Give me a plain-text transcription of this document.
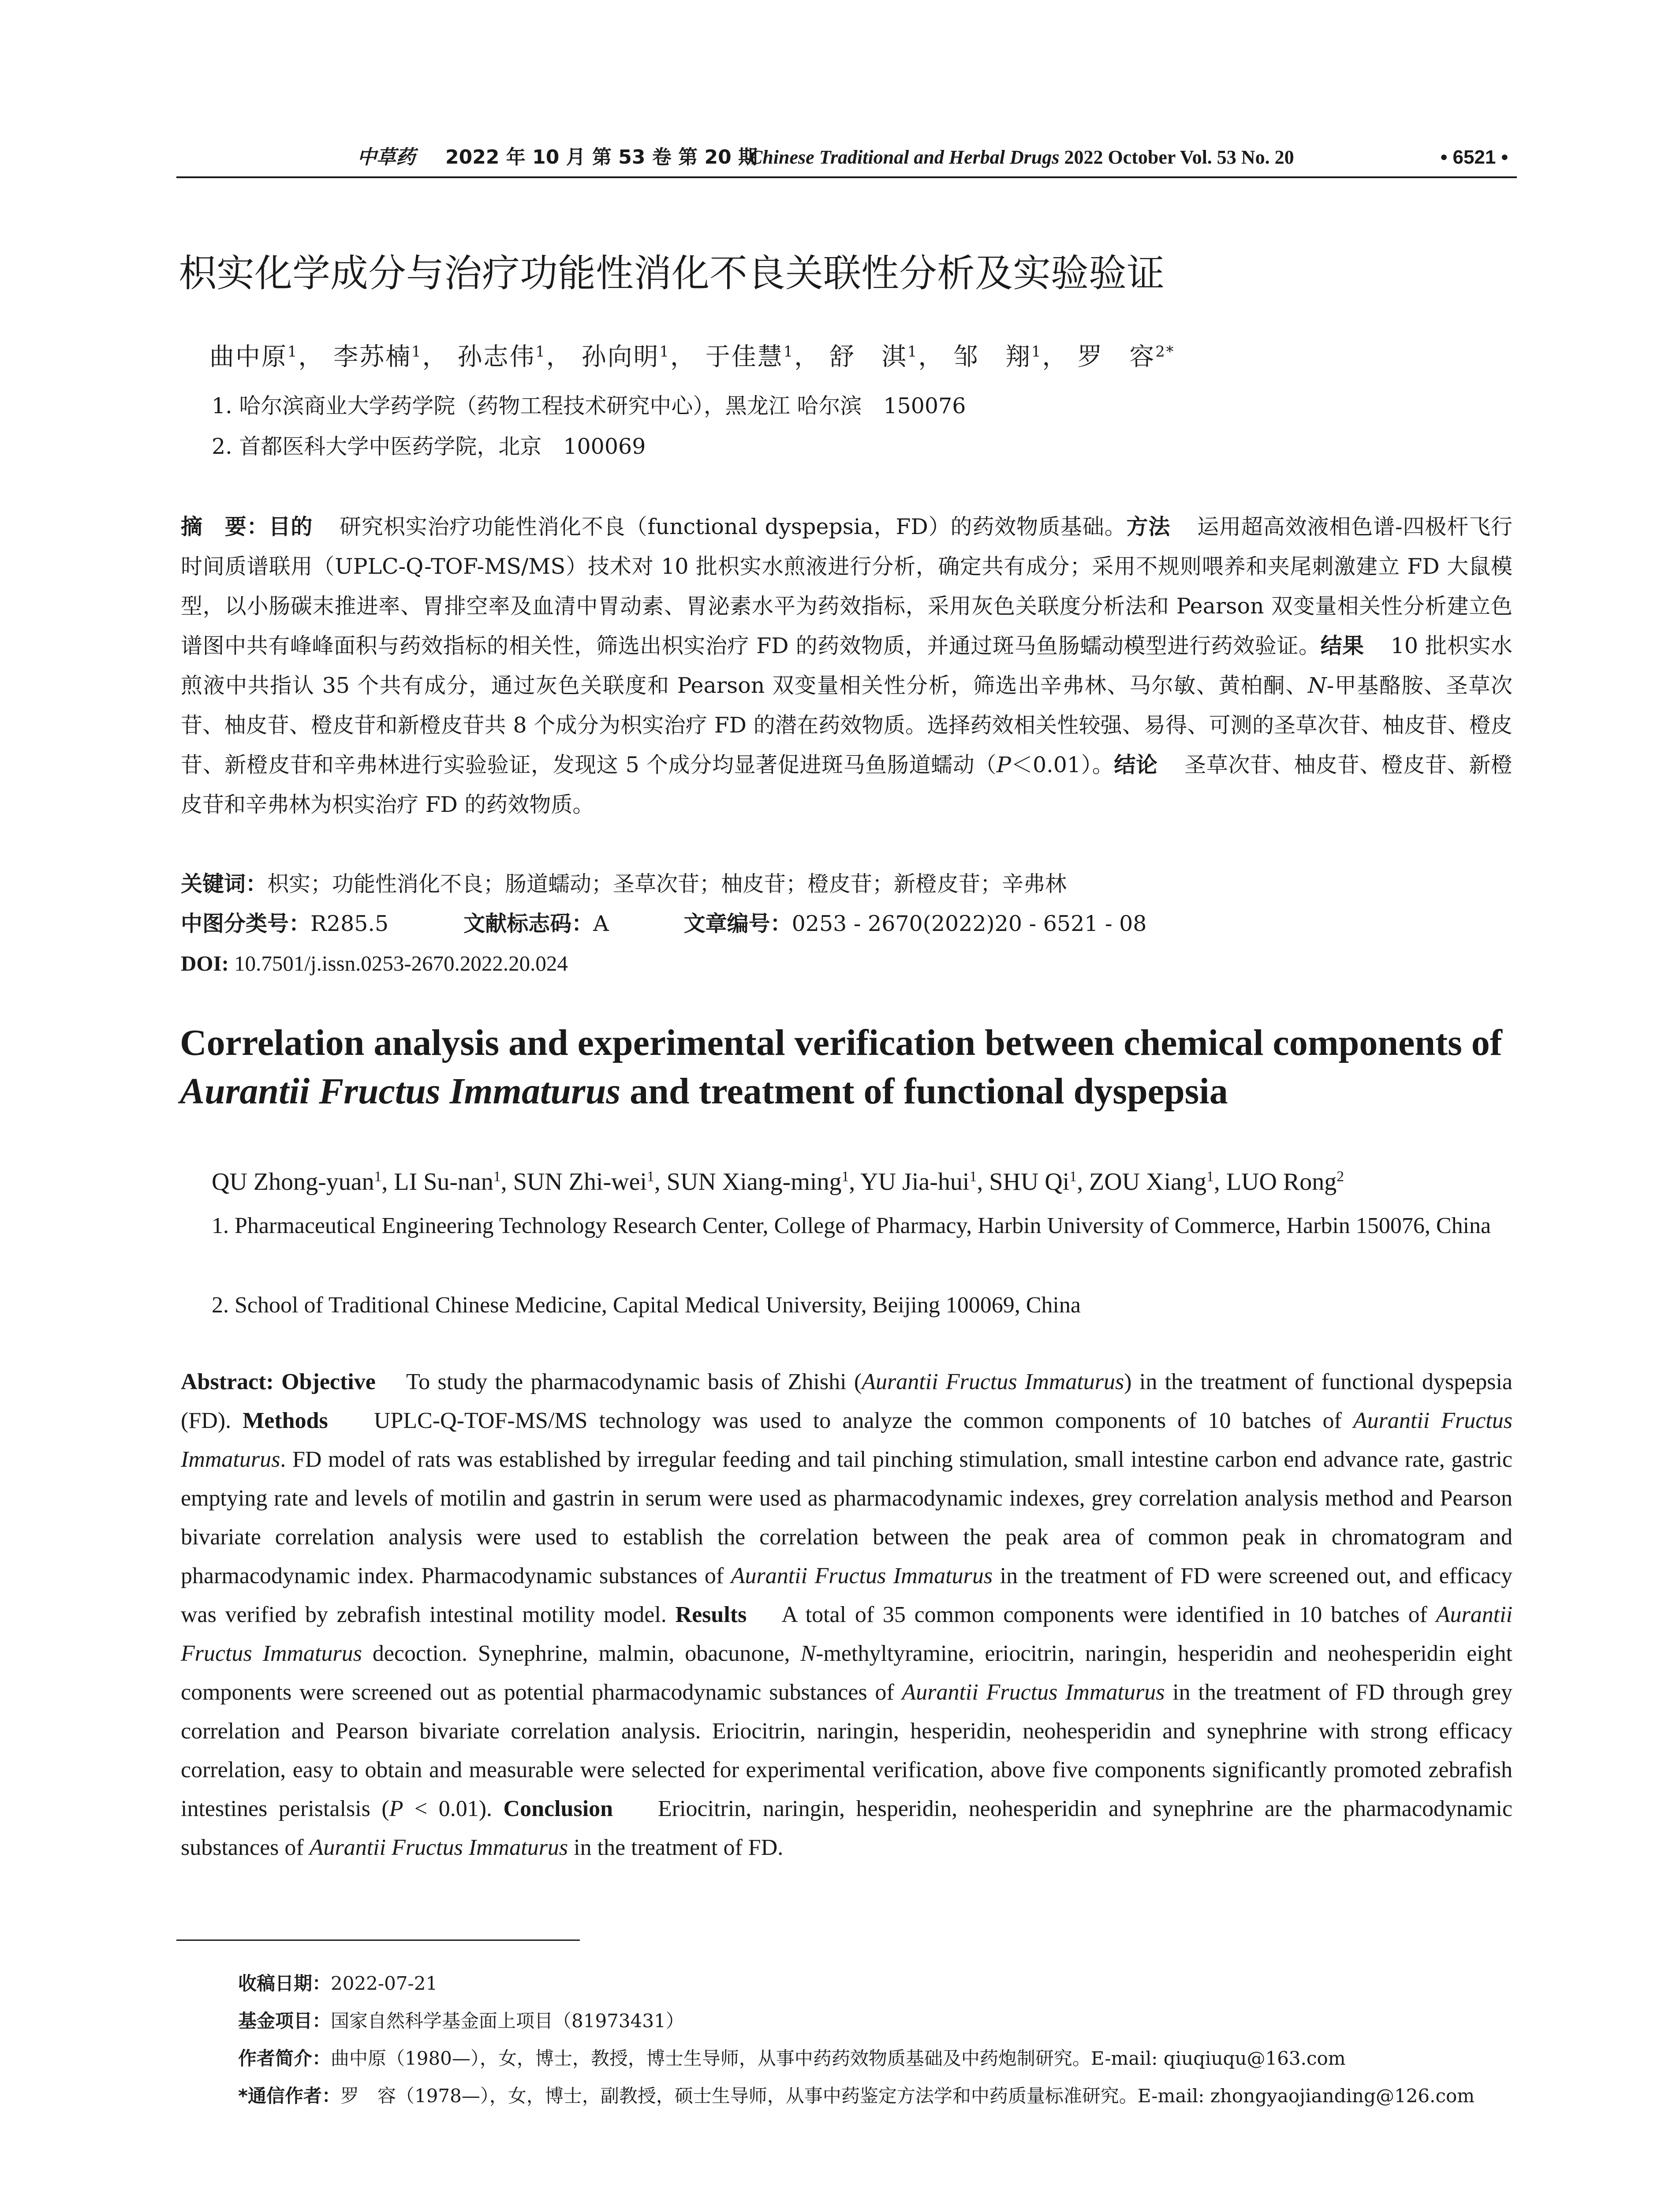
中草药 2022 年 10 月 第 53 卷 第 20 期
Chinese Traditional and Herbal Drugs 2022 October Vol. 53 No. 20	• 6521 •
枳实化学成分与治疗功能性消化不良关联性分析及实验验证
曲中原$^1$， 李苏楠$^1$， 孙志伟$^1$， 孙向明$^1$， 于佳慧$^1$， 舒　淇$^1$， 邹　翔$^1$， 罗　容$^{2*}$
1. 哈尔滨商业大学药学院（药物工程技术研究中心），黑龙江 哈尔滨　150076
2. 首都医科大学中医药学院，北京　100069
摘　要：目的 研究枳实治疗功能性消化不良（functional dyspepsia，FD）的药效物质基础。方法 运用超高效液相色谱-四极杆飞行时间质谱联用（UPLC-Q-TOF-MS/MS）技术对 10 批枳实水煎液进行分析，确定共有成分；采用不规则喂养和夹尾刺激建立 FD 大鼠模型，以小肠碳末推进率、胃排空率及血清中胃动素、胃泌素水平为药效指标，采用灰色关联度分析法和 Pearson 双变量相关性分析建立色谱图中共有峰峰面积与药效指标的相关性，筛选出枳实治疗 FD 的药效物质，并通过斑马鱼肠蠕动模型进行药效验证。结果 10 批枳实水煎液中共指认 35 个共有成分，通过灰色关联度和 Pearson 双变量相关性分析，筛选出辛弗林、马尔敏、黄柏酮、N-甲基酪胺、圣草次苷、柚皮苷、橙皮苷和新橙皮苷共 8 个成分为枳实治疗 FD 的潜在药效物质。选择药效相关性较强、易得、可测的圣草次苷、柚皮苷、橙皮苷、新橙皮苷和辛弗林进行实验验证，发现这 5 个成分均显著促进斑马鱼肠道蠕动（P＜0.01）。结论 圣草次苷、柚皮苷、橙皮苷、新橙皮苷和辛弗林为枳实治疗 FD 的药效物质。
关键词：枳实；功能性消化不良；肠道蠕动；圣草次苷；柚皮苷；橙皮苷；新橙皮苷；辛弗林
中图分类号：R285.5	文献标志码：A	文章编号：0253 - 2670(2022)20 - 6521 - 08
DOI: 10.7501/j.issn.0253-2670.2022.20.024
Correlation analysis and experimental verification between chemical components of Aurantii Fructus Immaturus and treatment of functional dyspepsia
QU Zhong-yuan$^1$, LI Su-nan$^1$, SUN Zhi-wei$^1$, SUN Xiang-ming$^1$, YU Jia-hui$^1$, SHU Qi$^1$, ZOU Xiang$^1$, LUO Rong$^2$
1. Pharmaceutical Engineering Technology Research Center, College of Pharmacy, Harbin University of Commerce, Harbin 150076, China
2. School of Traditional Chinese Medicine, Capital Medical University, Beijing 100069, China
Abstract: Objective To study the pharmacodynamic basis of Zhishi (Aurantii Fructus Immaturus) in the treatment of functional dyspepsia (FD). Methods UPLC-Q-TOF-MS/MS technology was used to analyze the common components of 10 batches of Aurantii Fructus Immaturus. FD model of rats was established by irregular feeding and tail pinching stimulation, small intestine carbon end advance rate, gastric emptying rate and levels of motilin and gastrin in serum were used as pharmacodynamic indexes, grey correlation analysis method and Pearson bivariate correlation analysis were used to establish the correlation between the peak area of common peak in chromatogram and pharmacodynamic index. Pharmacodynamic substances of Aurantii Fructus Immaturus in the treatment of FD were screened out, and efficacy was verified by zebrafish intestinal motility model. Results A total of 35 common components were identified in 10 batches of Aurantii Fructus Immaturus decoction. Synephrine, malmin, obacunone, N-methyltyramine, eriocitrin, naringin, hesperidin and neohesperidin eight components were screened out as potential pharmacodynamic substances of Aurantii Fructus Immaturus in the treatment of FD through grey correlation and Pearson bivariate correlation analysis. Eriocitrin, naringin, hesperidin, neohesperidin and synephrine with strong efficacy correlation, easy to obtain and measurable were selected for experimental verification, above five components significantly promoted zebrafish intestines peristalsis (P < 0.01). Conclusion Eriocitrin, naringin, hesperidin, neohesperidin and synephrine are the pharmacodynamic substances of Aurantii Fructus Immaturus in the treatment of FD.
收稿日期：2022-07-21
基金项目：国家自然科学基金面上项目（81973431）
作者简介：曲中原（1980—），女，博士，教授，博士生导师，从事中药药效物质基础及中药炮制研究。E-mail: qiuqiuqu@163.com
*通信作者：罗　容（1978—），女，博士，副教授，硕士生导师，从事中药鉴定方法学和中药质量标准研究。E-mail: zhongyaojianding@126.com
